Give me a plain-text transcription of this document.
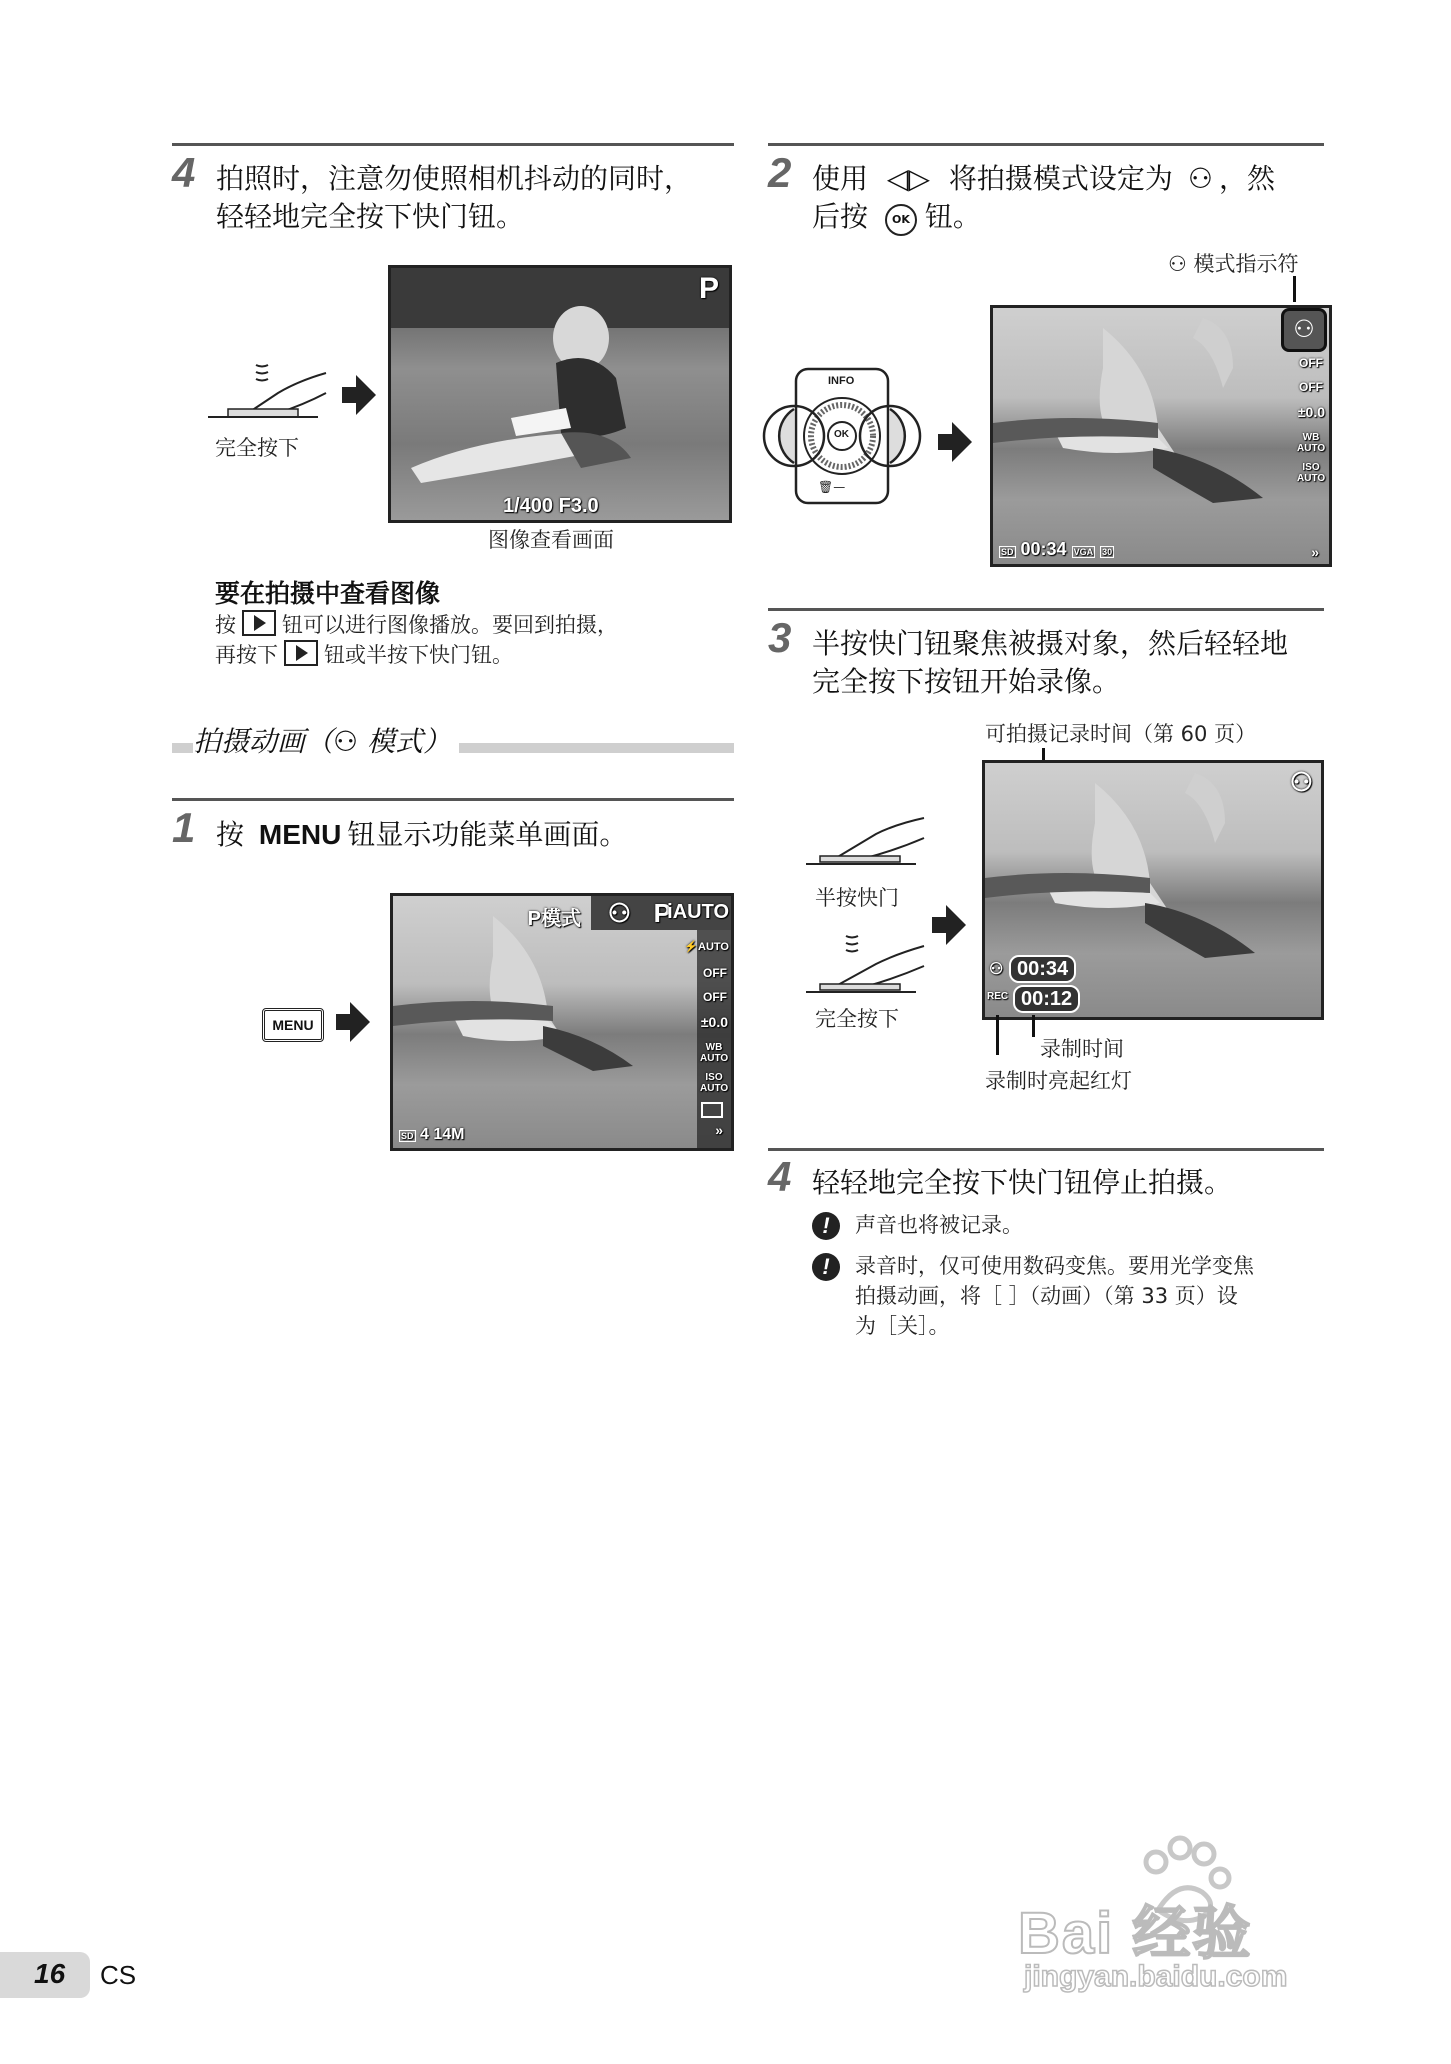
4 拍照时，注意勿使照相机抖动的同时，
轻轻地完全按下快门钮。
完全按下
P
1/400 F3.0
图像查看画面
要在拍摄中查看图像
按 钮可以进行图像播放。要回到拍摄，
再按下 钮或半按下快门钮。
拍摄动画（⚇ 模式）
1 按 MENU 钮显示功能菜单画面。
MENU
P模式 ⚇ P
iAUTO
⚡AUTO
OFF
OFF
±0.0
WB AUTO
ISO AUTO
»
SD 4 14M
2 使用 ◁▷ 将拍摄模式设定为 ⚇ ，然
后按 OK 钮。
⚇ 模式指示符
🗑︎—
INFO
OK
⚇
OFF
OFF
±0.0
WB AUTO
ISO AUTO
»
SD 00:34 VGA 30
3 半按快门钮聚焦被摄对象，然后轻轻地
完全按下按钮开始录像。
可拍摄记录时间（第 60 页）
半按快门
完全按下
⚇
⚇ 00:34
REC 00:12
录制时间
录制时亮起红灯
4 轻轻地完全按下快门钮停止拍摄。
!	声音也将被记录。
!	录音时，仅可使用数码变焦。要用光学变焦
拍摄动画，将［ ］（动画）（第 33 页）设
为［关］。
16 CS
Bai 经验
jingyan.baidu.com
